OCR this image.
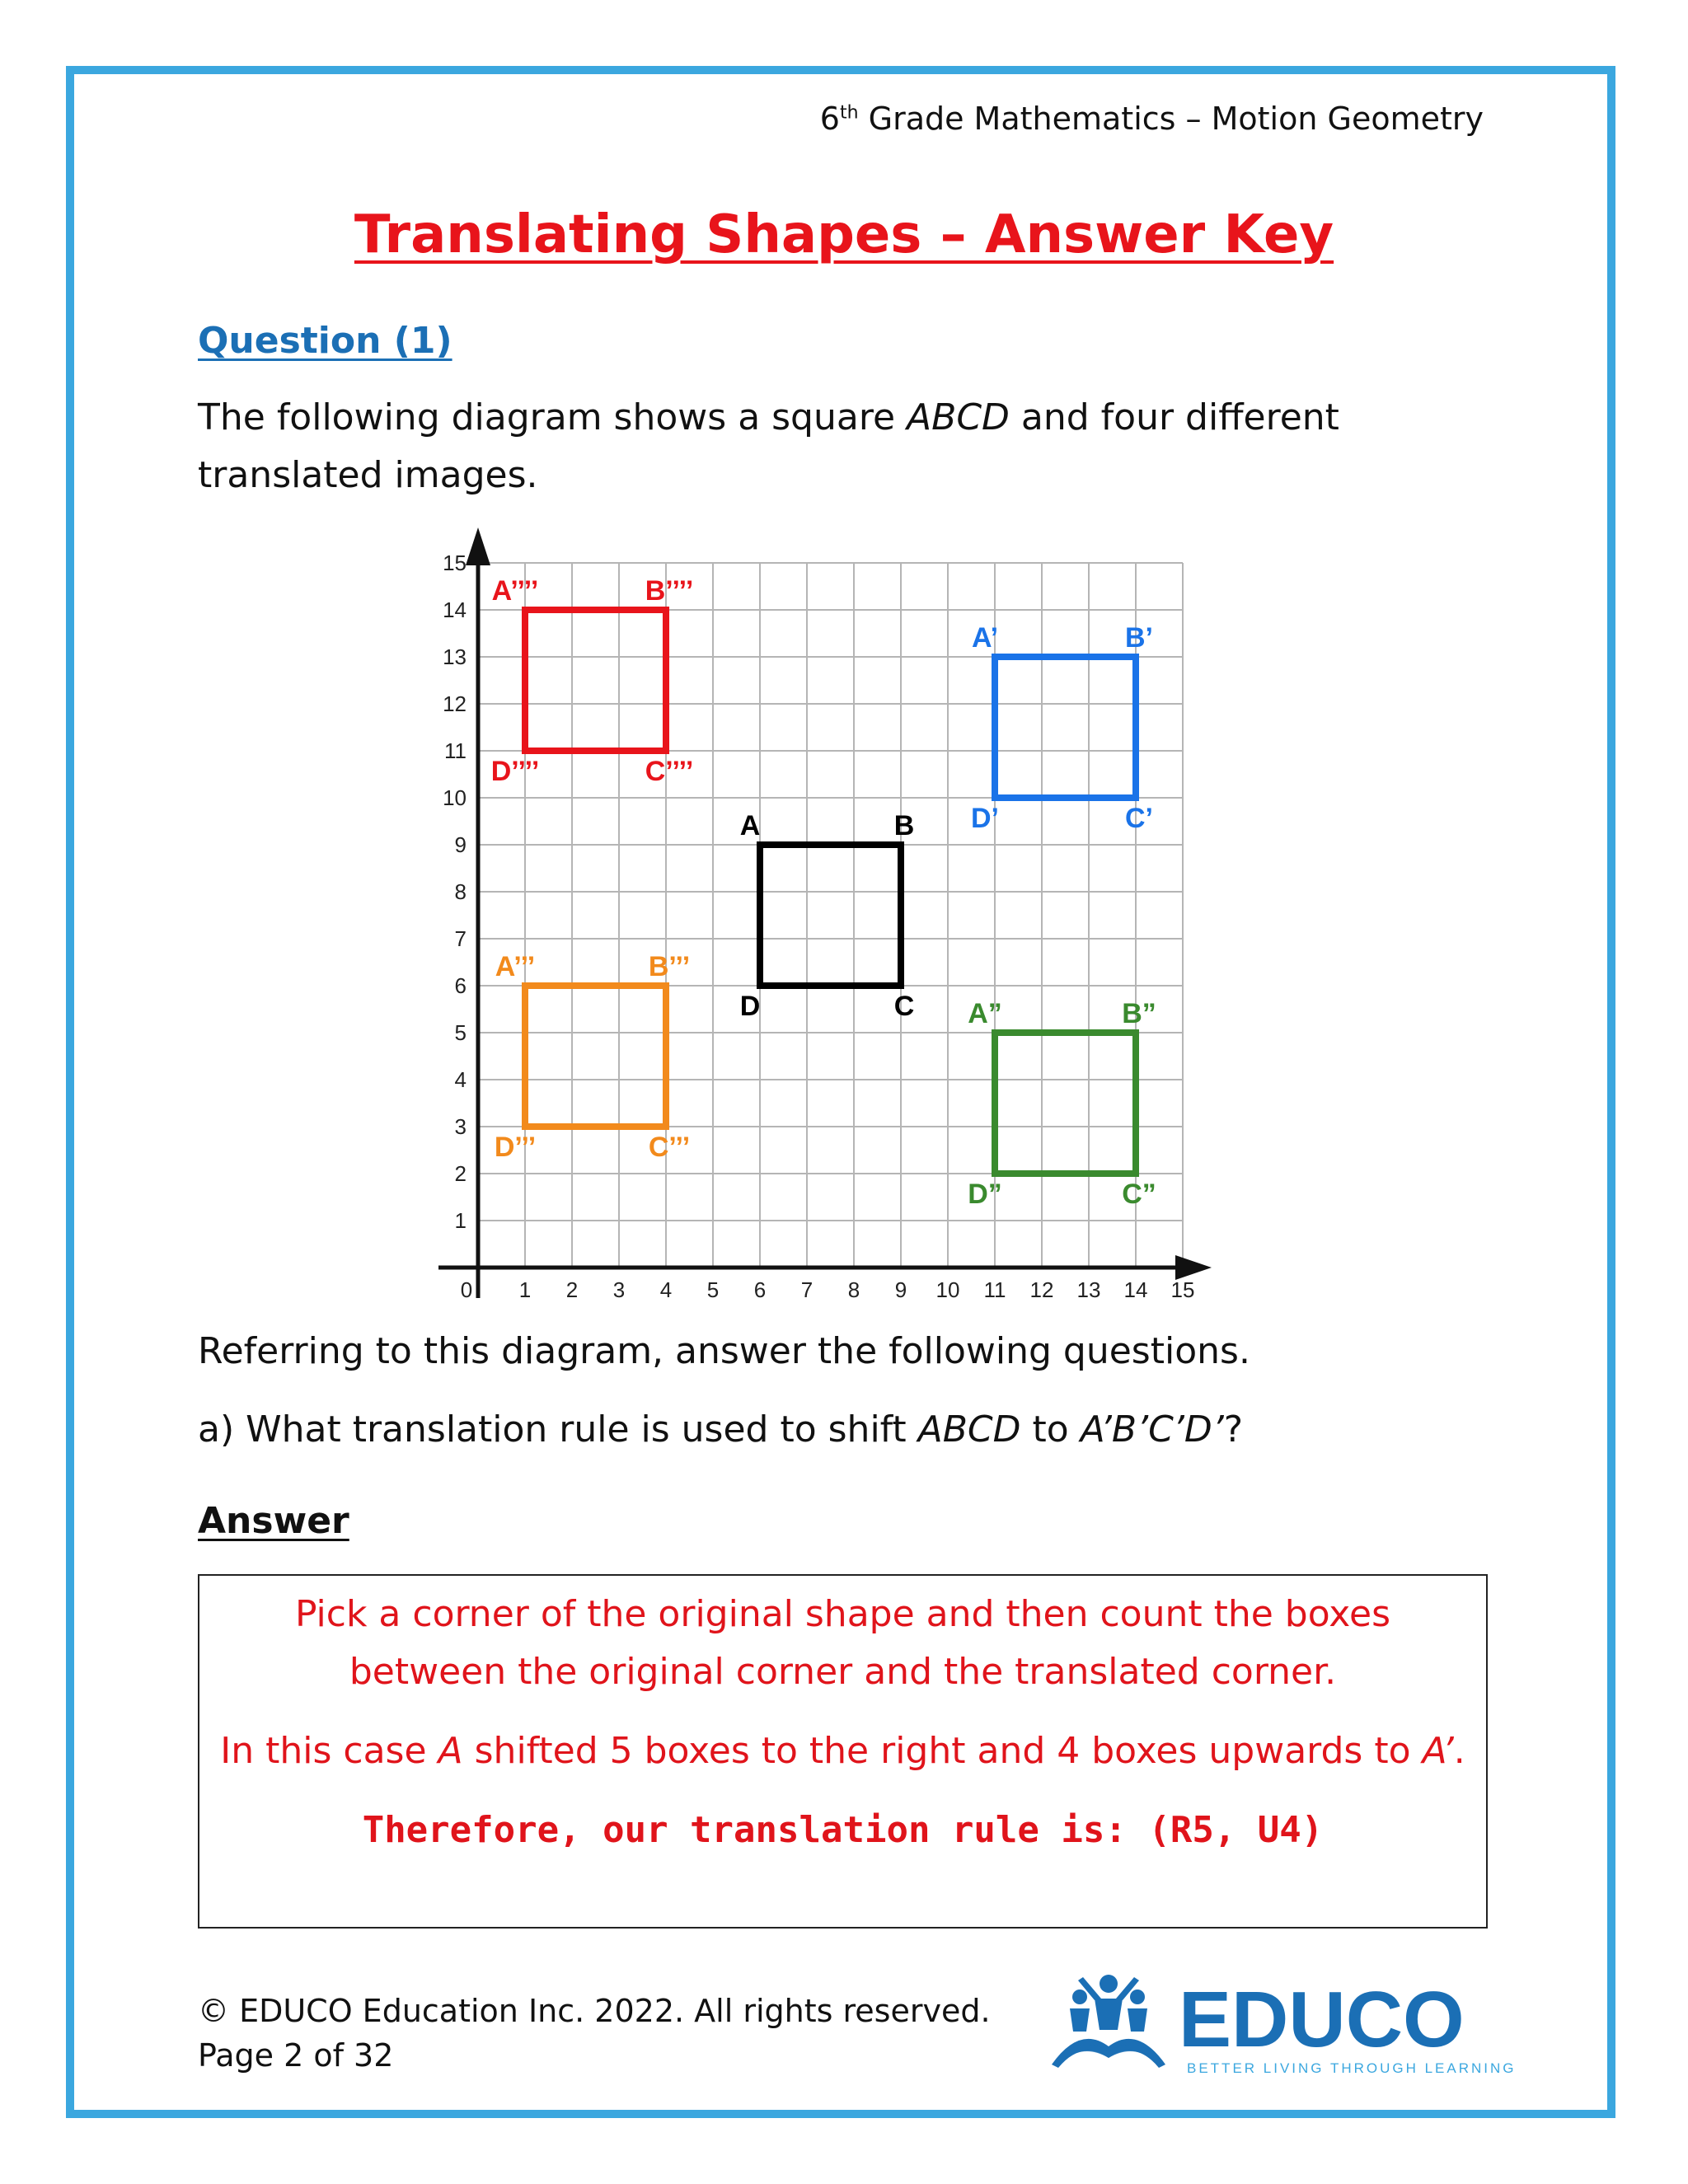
6th Grade Mathematics – Motion Geometry
Translating Shapes – Answer Key
Question (1)
The following diagram shows a square ABCD and four different
translated images.
0 1 2 3 4 5 6 7 8 9 10 11 12 13 14 15
1
2
3
4
5
6
7
8
9
10
11
12
13
14
15
A	B
C
D
A’	B’
C’
D’
A”	B”
C”
D”
A’’’	B’’’
C’’’
D’’’
A’’’’	B’’’’
C’’’’
D’’’’
Referring to this diagram, answer the following questions.
a) What translation rule is used to shift ABCD to A’B’C’D’?
Answer

Pick a corner of the original shape and then count the boxes between the original corner and the translated corner.

In this case A shifted 5 boxes to the right and 4 boxes upwards to A’.

Therefore, our translation rule is: (R5, U4)

© EDUCO Education Inc. 2022. All rights reserved.
Page 2 of 32	EDUCO
BETTER LIVING THROUGH LEARNING
